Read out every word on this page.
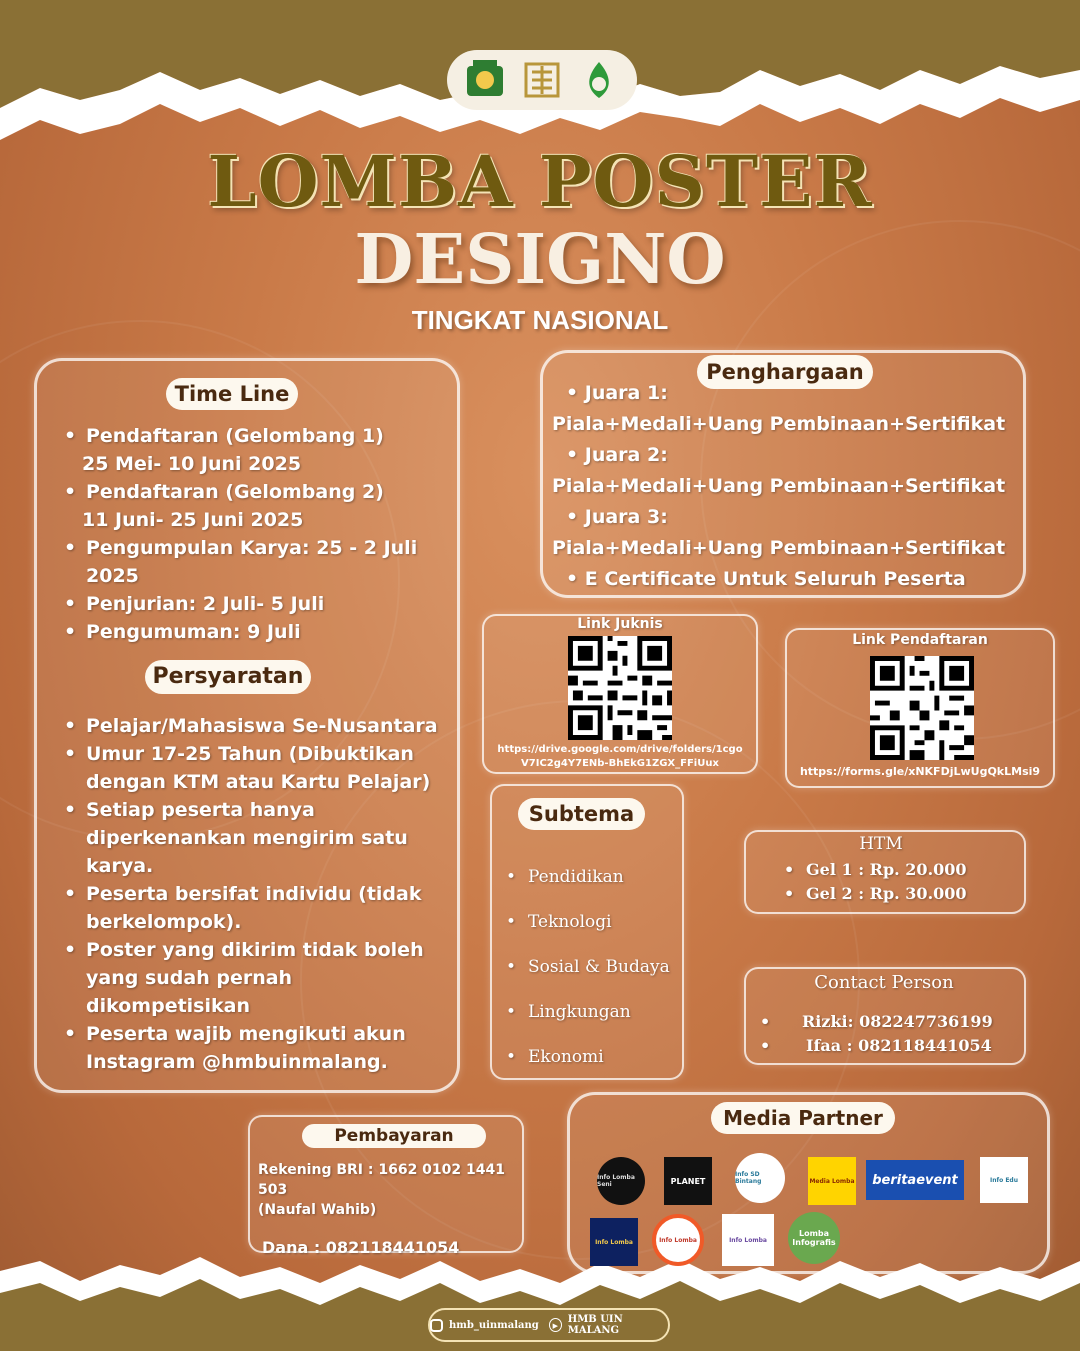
LOMBA POSTER
DESIGNO
TINGKAT NASIONAL
Time Line
• Pendaftaran (Gelombang 1)
25 Mei- 10 Juni 2025
• Pendaftaran (Gelombang 2)
11 Juni- 25 Juni 2025
• Pengumpulan Karya: 25 - 2 Juli
2025
• Penjurian: 2 Juli- 5 Juli
• Pengumuman: 9 Juli
Persyaratan
• Pelajar/Mahasiswa Se-Nusantara
• Umur 17-25 Tahun (Dibuktikan dengan KTM atau Kartu Pelajar)
• Setiap peserta hanya diperkenankan mengirim satu karya.
• Peserta bersifat individu (tidak berkelompok).
• Poster yang dikirim tidak boleh yang sudah pernah dikompetisikan
• Peserta wajib mengikuti akun Instagram @hmbuinmalang.
Penghargaan
• Juara 1:
Piala+Medali+Uang Pembinaan+Sertifikat
• Juara 2:
Piala+Medali+Uang Pembinaan+Sertifikat
• Juara 3:
Piala+Medali+Uang Pembinaan+Sertifikat
• E Certificate Untuk Seluruh Peserta
Link Juknis
https://drive.google.com/drive/folders/1cgo
V7IC2g4Y7ENb-BhEkG1ZGX_FFiUux
Link Pendaftaran
https://forms.gle/xNKFDjLwUgQkLMsi9
Subtema
• Pendidikan
• Teknologi
• Sosial & Budaya
• Lingkungan
• Ekonomi
HTM
• Gel 1 : Rp. 20.000
• Gel 2 : Rp. 30.000
Contact Person
• Rizki: 082247736199
• Ifaa : 082118441054
Pembayaran
Rekening BRI : 1662 0102 1441 503
(Naufal Wahib)
Dana : 082118441054
Media Partner
Info Lomba Seni	PLANET
Info SD Bintang	Media Lomba beritaevent	Info Edu
Info Lomba	Info Lomba	Info Lomba
Lomba Infografis
hmb_uinmalang	▶ HMB UIN MALANG
